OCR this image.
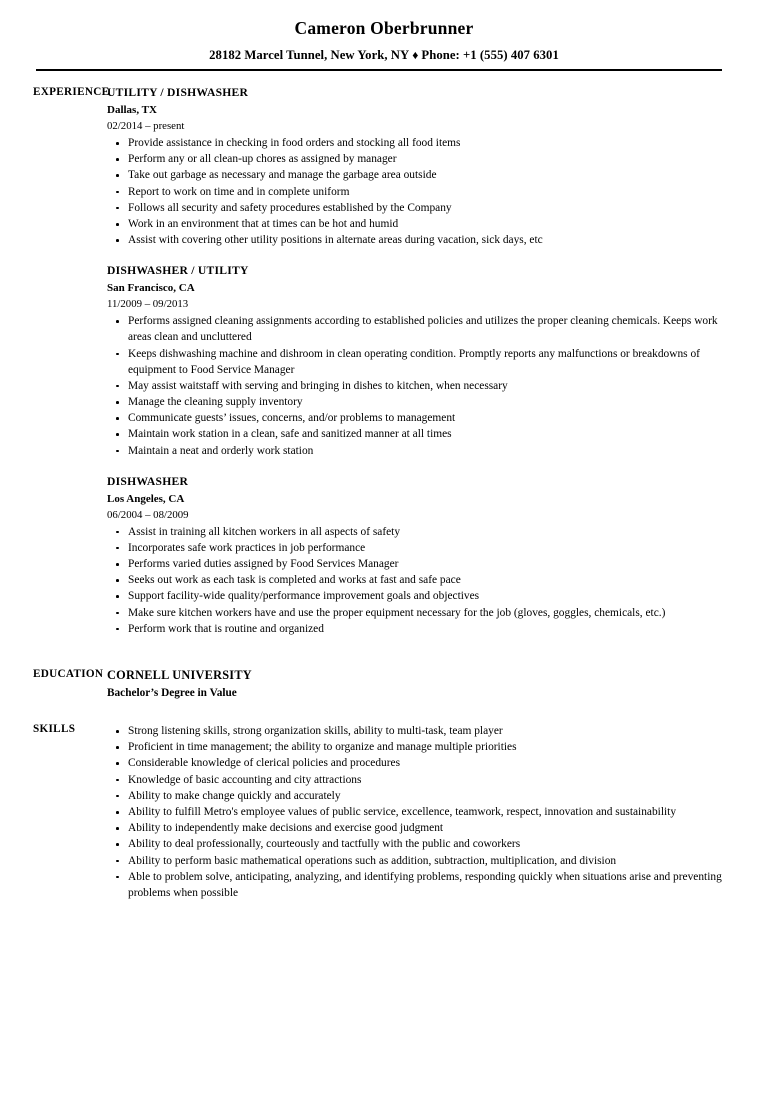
Cameron Oberbrunner
28182 Marcel Tunnel, New York, NY ♦ Phone: +1 (555) 407 6301
EXPERIENCE
UTILITY / DISHWASHER
Dallas, TX
02/2014 – present
Provide assistance in checking in food orders and stocking all food items
Perform any or all clean-up chores as assigned by manager
Take out garbage as necessary and manage the garbage area outside
Report to work on time and in complete uniform
Follows all security and safety procedures established by the Company
Work in an environment that at times can be hot and humid
Assist with covering other utility positions in alternate areas during vacation, sick days, etc
DISHWASHER / UTILITY
San Francisco, CA
11/2009 – 09/2013
Performs assigned cleaning assignments according to established policies and utilizes the proper cleaning chemicals. Keeps work areas clean and uncluttered
Keeps dishwashing machine and dishroom in clean operating condition. Promptly reports any malfunctions or breakdowns of equipment to Food Service Manager
May assist waitstaff with serving and bringing in dishes to kitchen, when necessary
Manage the cleaning supply inventory
Communicate guests’ issues, concerns, and/or problems to management
Maintain work station in a clean, safe and sanitized manner at all times
Maintain a neat and orderly work station
DISHWASHER
Los Angeles, CA
06/2004 – 08/2009
Assist in training all kitchen workers in all aspects of safety
Incorporates safe work practices in job performance
Performs varied duties assigned by Food Services Manager
Seeks out work as each task is completed and works at fast and safe pace
Support facility-wide quality/performance improvement goals and objectives
Make sure kitchen workers have and use the proper equipment necessary for the job (gloves, goggles, chemicals, etc.)
Perform work that is routine and organized
EDUCATION CORNELL UNIVERSITY
Bachelor’s Degree in Value
SKILLS	Strong listening skills, strong organization skills, ability to multi-task, team player
Proficient in time management; the ability to organize and manage multiple priorities
Considerable knowledge of clerical policies and procedures
Knowledge of basic accounting and city attractions
Ability to make change quickly and accurately
Ability to fulfill Metro's employee values of public service, excellence, teamwork, respect, innovation and sustainability
Ability to independently make decisions and exercise good judgment
Ability to deal professionally, courteously and tactfully with the public and coworkers
Ability to perform basic mathematical operations such as addition, subtraction, multiplication, and division
Able to problem solve, anticipating, analyzing, and identifying problems, responding quickly when situations arise and preventing problems when possible
